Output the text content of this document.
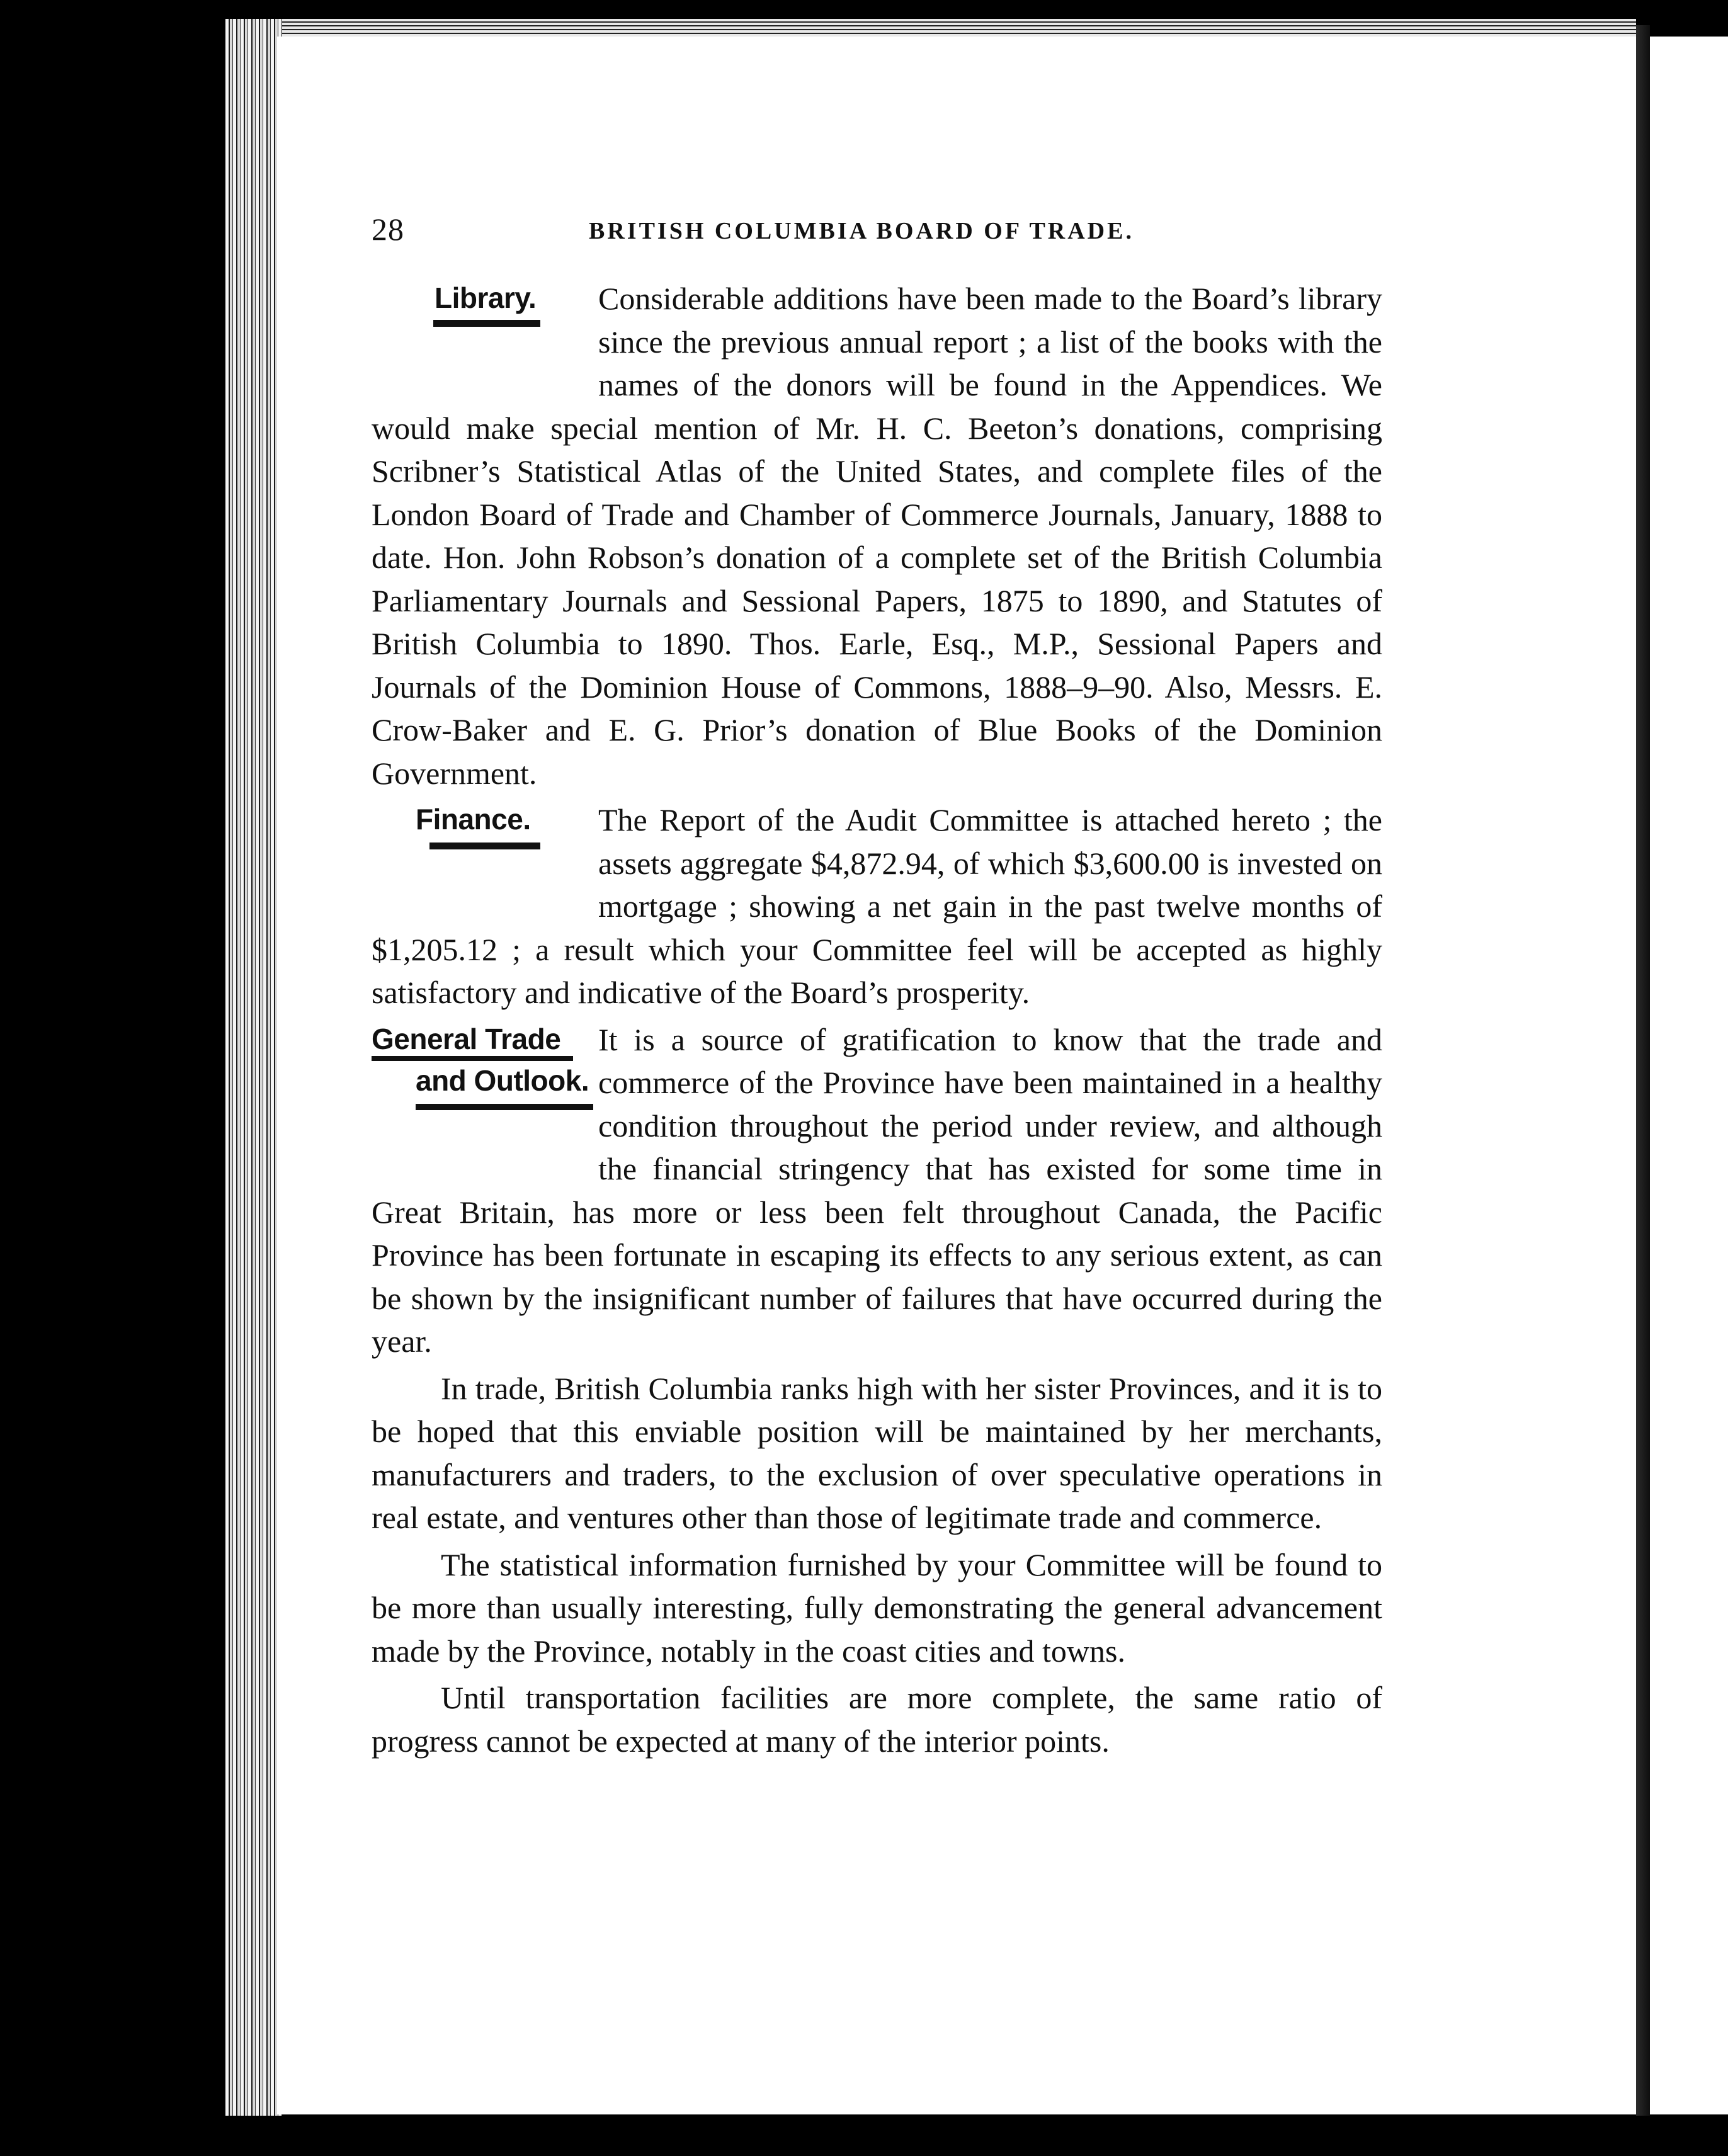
28	BRITISH COLUMBIA BOARD OF TRADE.
Library.	Considerable additions have been made to the Board’s library since the previous annual report ; a list of the books with the names of the donors will be found in the Appendices. We would make special mention of Mr. H. C. Beeton’s donations, comprising Scribner’s Statistical Atlas of the United States, and complete files of the London Board of Trade and Chamber of Commerce Journals, January, 1888 to date. Hon. John Robson’s donation of a complete set of the British Columbia Parliamentary Journals and Sessional Papers, 1875 to 1890, and Statutes of British Columbia to 1890. Thos. Earle, Esq., M.P., Sessional Papers and Journals of the Dominion House of Commons, 1888–9–90. Also, Messrs. E. Crow-Baker and E. G. Prior’s donation of Blue Books of the Dominion Government.

Finance.	The Report of the Audit Committee is attached hereto ; the assets aggregate $4,872.94, of which $3,600.00 is invested on mortgage ; showing a net gain in the past twelve months of $1,205.12 ; a result which your Committee feel will be accepted as highly satisfactory and indicative of the Board’s prosperity.

General Trade
and Outlook.

It is a source of gratification to know that the trade and commerce of the Province have been maintained in a healthy condition throughout the period under review, and although the financial stringency that has existed for some time in Great Britain, has more or less been felt throughout Canada, the Pacific Province has been fortunate in escaping its effects to any serious extent, as can be shown by the insignificant number of failures that have occurred during the year.

In trade, British Columbia ranks high with her sister Provinces, and it is to be hoped that this enviable position will be maintained by her merchants, manufacturers and traders, to the exclusion of over speculative operations in real estate, and ventures other than those of legitimate trade and commerce.

The statistical information furnished by your Committee will be found to be more than usually interesting, fully demonstrating the general advancement made by the Province, notably in the coast cities and towns.

Until transportation facilities are more complete, the same ratio of progress cannot be expected at many of the interior points.
